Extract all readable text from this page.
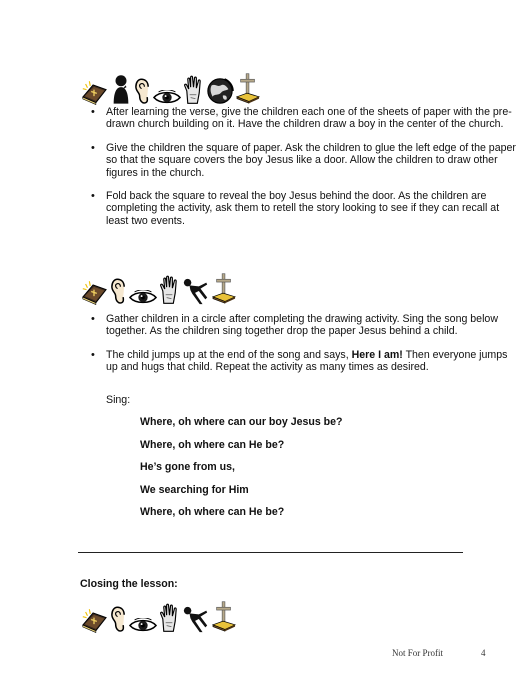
• After learning the verse, give the children each one of the sheets of paper with the pre-drawn church building on it. Have the children draw a boy in the center of the church.
• Give the children the square of paper. Ask the children to glue the left edge of the paper so that the square covers the boy Jesus like a door. Allow the children to draw other figures in the church.
• Fold back the square to reveal the boy Jesus behind the door. As the children are completing the activity, ask them to retell the story looking to see if they can recall at least two events.
• Gather children in a circle after completing the drawing activity. Sing the song below together. As the children sing together drop the paper Jesus behind a child.
• The child jumps up at the end of the song and says, Here I am! Then everyone jumps up and hugs that child. Repeat the activity as many times as desired.
Sing:
Where, oh where can our boy Jesus be?
Where, oh where can He be?
He’s gone from us,
We searching for Him
Where, oh where can He be?
Closing the lesson:
Not For Profit	4
